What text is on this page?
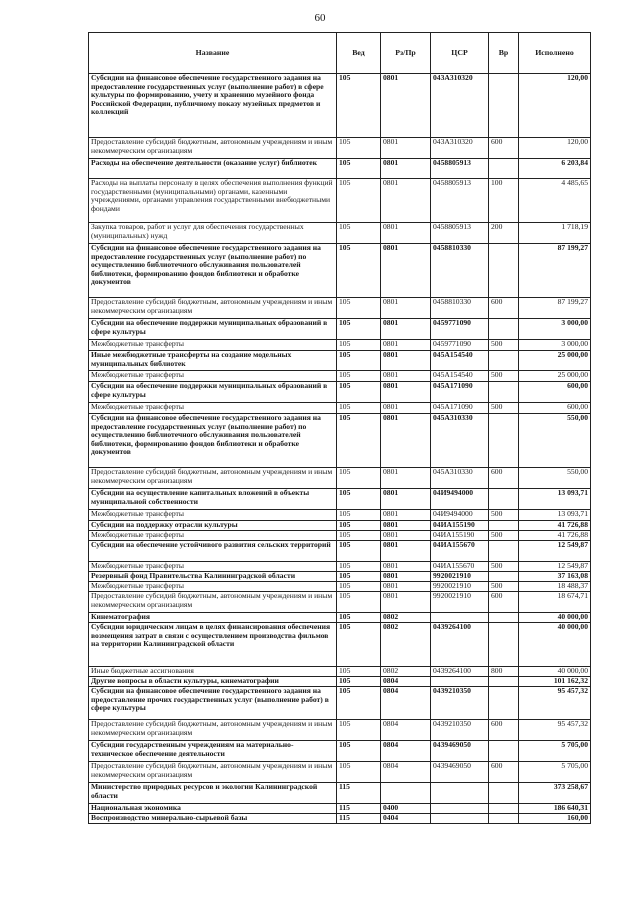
60
Название	Вед	Рз/Пр	ЦСР	Вр	Исполнено
Субсидии на финансовое обеспечение государственного задания на предоставление государственных услуг (выполнение работ) в сфере культуры по формированию, учету и хранению музейного фонда Российской Федерации, публичному показу музейных предметов и коллекций	105	0801	043А310320		120,00
Предоставление субсидий бюджетным, автономным учреждениям и иным некоммерческим организациям	105	0801	043А310320	600	120,00
Расходы на обеспечение деятельности (оказание услуг) библиотек	105	0801	0458805913		6 203,84
Расходы на выплаты персоналу в целях обеспечения выполнения функций государственными (муниципальными) органами, казенными учреждениями, органами управления государственными внебюджетными фондами	105	0801	0458805913	100	4 485,65
Закупка товаров, работ и услуг для обеспечения государственных (муниципальных) нужд	105	0801	0458805913	200	1 718,19
Субсидии на финансовое обеспечение государственного задания на предоставление государственных услуг (выполнение работ) по осуществлению библиотечного обслуживания пользователей библиотеки, формированию фондов библиотеки и обработке документов	105	0801	0458810330		87 199,27
Предоставление субсидий бюджетным, автономным учреждениям и иным некоммерческим организациям	105	0801	0458810330	600	87 199,27
Субсидии на обеспечение поддержки муниципальных образований в сфере культуры	105	0801	0459771090		3 000,00
Межбюджетные трансферты	105	0801	0459771090	500	3 000,00
Иные межбюджетные трансферты на создание модельных муниципальных библиотек	105	0801	045А154540		25 000,00
Межбюджетные трансферты	105	0801	045А154540	500	25 000,00
Субсидии на обеспечение поддержки муниципальных образований в сфере культуры	105	0801	045А171090		600,00
Межбюджетные трансферты	105	0801	045А171090	500	600,00
Субсидии на финансовое обеспечение государственного задания на предоставление государственных услуг (выполнение работ) по осуществлению библиотечного обслуживания пользователей библиотеки, формированию фондов библиотеки и обработке документов	105	0801	045А310330		550,00
Предоставление субсидий бюджетным, автономным учреждениям и иным некоммерческим организациям	105	0801	045А310330	600	550,00
Субсидии на осуществление капитальных вложений в объекты муниципальной собственности	105	0801	04И9494000		13 093,71
Межбюджетные трансферты	105	0801	04И9494000	500	13 093,71
Субсидии на поддержку отрасли культуры	105	0801	04ИА155190		41 726,88
Межбюджетные трансферты	105	0801	04ИА155190	500	41 726,88
Субсидии на обеспечение устойчивого развития сельских территорий	105	0801	04ИА155670		12 549,87
Межбюджетные трансферты	105	0801	04ИА155670	500	12 549,87
Резервный фонд Правительства Калининградской области	105	0801	9920021910		37 163,08
Межбюджетные трансферты	105	0801	9920021910	500	18 488,37
Предоставление субсидий бюджетным, автономным учреждениям и иным некоммерческим организациям	105	0801	9920021910	600	18 674,71
Кинематография	105	0802			40 000,00
Субсидии юридическим лицам в целях финансирования обеспечения возмещения затрат в связи с осуществлением производства фильмов на территории Калининградской области	105	0802	0439264100		40 000,00
Иные бюджетные ассигнования	105	0802	0439264100	800	40 000,00
Другие вопросы в области культуры, кинематографии	105	0804			101 162,32
Субсидии на финансовое обеспечение государственного задания на предоставление прочих государственных услуг (выполнение работ) в сфере культуры	105	0804	0439210350		95 457,32
Предоставление субсидий бюджетным, автономным учреждениям и иным некоммерческим организациям	105	0804	0439210350	600	95 457,32
Субсидии государственным учреждениям на материально-техническое обеспечение деятельности	105	0804	0439469050		5 705,00
Предоставление субсидий бюджетным, автономным учреждениям и иным некоммерческим организациям	105	0804	0439469050	600	5 705,00
Министерство природных ресурсов и экологии Калининградской области	115				373 258,67
Национальная экономика	115	0400			186 640,31
Воспроизводство минерально-сырьевой базы	115	0404			160,00
